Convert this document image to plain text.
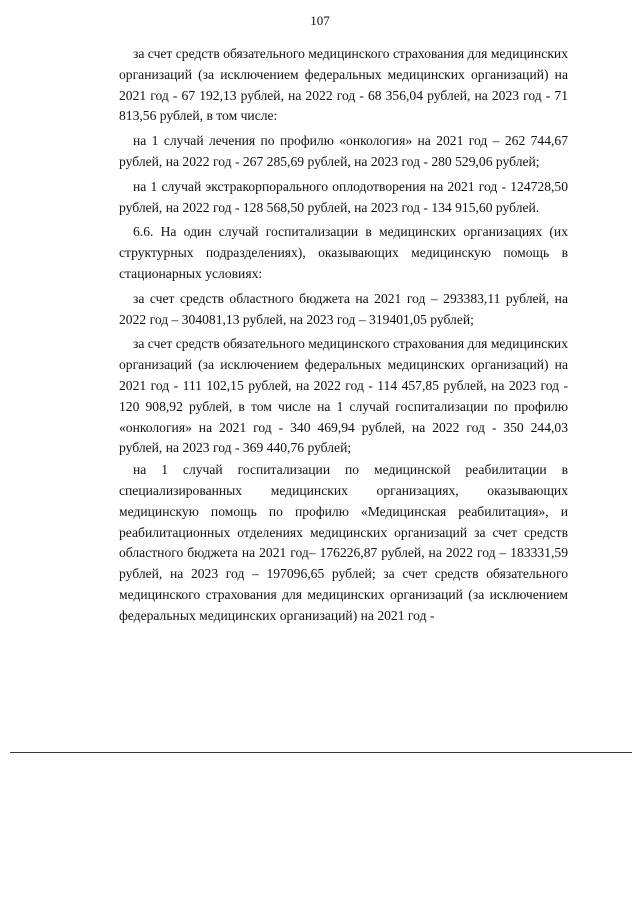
107

за счет средств обязательного медицинского страхования для медицинских организаций (за исключением федеральных медицинских организаций) на 2021 год - 67 192,13 рублей, на 2022 год - 68 356,04 рублей, на 2023 год - 71 813,56 рублей, в том числе:

на 1 случай лечения по профилю «онкология» на 2021 год – 262 744,67 рублей, на 2022 год - 267 285,69 рублей, на 2023 год - 280 529,06 рублей;

на 1 случай экстракорпорального оплодотворения на 2021 год - 124728,50 рублей, на 2022 год - 128 568,50 рублей, на 2023 год - 134 915,60 рублей.

6.6. На один случай госпитализации в медицинских организациях (их структурных подразделениях), оказывающих медицинскую помощь в стационарных условиях:

за счет средств областного бюджета на 2021 год – 293383,11 рублей, на 2022 год – 304081,13 рублей, на 2023 год – 319401,05 рублей;

за счет средств обязательного медицинского страхования для медицинских организаций (за исключением федеральных медицинских организаций) на 2021 год - 111 102,15 рублей, на 2022 год - 114 457,85 рублей, на 2023 год - 120 908,92 рублей, в том числе на 1 случай госпитализации по профилю «онкология» на 2021 год - 340 469,94 рублей, на 2022 год - 350 244,03 рублей, на 2023 год - 369 440,76 рублей;

на 1 случай госпитализации по медицинской реабилитации в специализированных медицинских организациях, оказывающих медицинскую помощь по профилю «Медицинская реабилитация», и реабилитационных отделениях медицинских организаций за счет средств областного бюджета на 2021 год– 176226,87 рублей, на 2022 год – 183331,59 рублей, на 2023 год – 197096,65 рублей; за счет средств обязательного медицинского страхования для медицинских организаций (за исключением федеральных медицинских организаций) на 2021 год -
